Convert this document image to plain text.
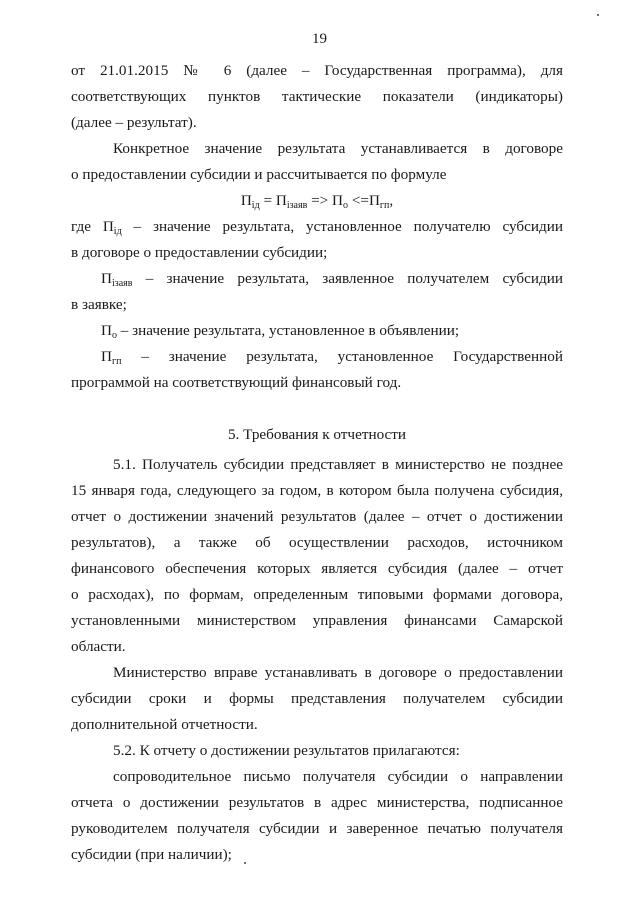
19
от 21.01.2015 № 6 (далее – Государственная программа), для
соответствующих пунктов тактические показатели (индикаторы)
(далее – результат).
Конкретное значение результата устанавливается в договоре
о предоставлении субсидии и рассчитывается по формуле
$П_{iд} = П_{iзаяв} => П_о <=П_{гп}$,
где $П_{iд}$ – значение результата, установленное получателю субсидии
в договоре о предоставлении субсидии;
$П_{iзаяв}$ – значение результата, заявленное получателем субсидии
в заявке;
$П_о$ – значение результата, установленное в объявлении;
$П_{гп}$ – значение результата, установленное Государственной
программой на соответствующий финансовый год.
5. Требования к отчетности
5.1. Получатель субсидии представляет в министерство не позднее
15 января года, следующего за годом, в котором была получена субсидия,
отчет о достижении значений результатов (далее – отчет о достижении
результатов), а также об осуществлении расходов, источником
финансового обеспечения которых является субсидия (далее – отчет
о расходах), по формам, определенным типовыми формами договора,
установленными министерством управления финансами Самарской
области.
Министерство вправе устанавливать в договоре о предоставлении
субсидии сроки и формы представления получателем субсидии
дополнительной отчетности.
5.2. К отчету о достижении результатов прилагаются:
сопроводительное письмо получателя субсидии о направлении
отчета о достижении результатов в адрес министерства, подписанное
руководителем получателя субсидии и заверенное печатью получателя
субсидии (при наличии);
